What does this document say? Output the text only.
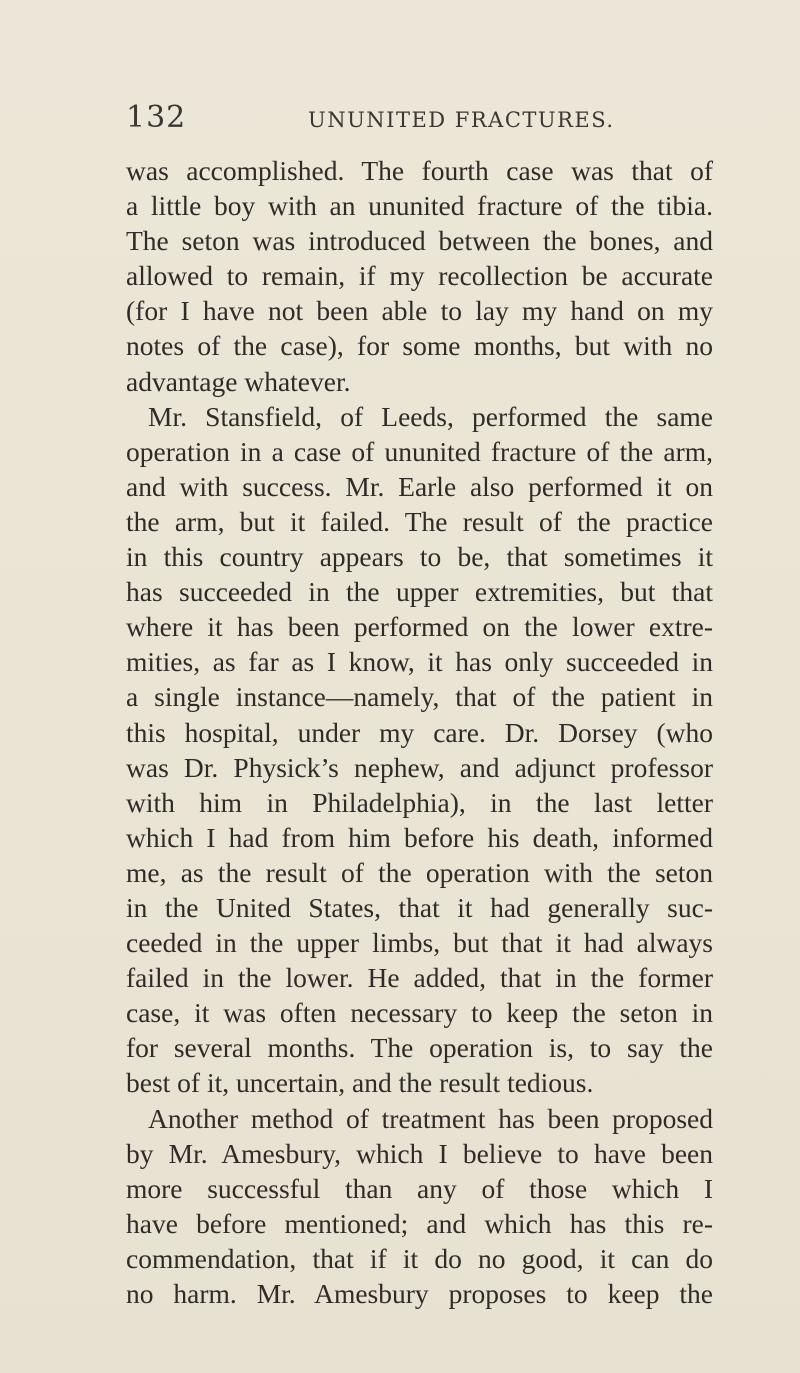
132	UNUNITED FRACTURES.
was accomplished. The fourth case was that of
a little boy with an ununited fracture of the tibia.
The seton was introduced between the bones, and
allowed to remain, if my recollection be accurate
(for I have not been able to lay my hand on my
notes of the case), for some months, but with no
advantage whatever.
Mr. Stansfield, of Leeds, performed the same
operation in a case of ununited fracture of the arm,
and with success. Mr. Earle also performed it on
the arm, but it failed. The result of the practice
in this country appears to be, that sometimes it
has succeeded in the upper extremities, but that
where it has been performed on the lower extre-
mities, as far as I know, it has only succeeded in
a single instance—namely, that of the patient in
this hospital, under my care. Dr. Dorsey (who
was Dr. Physick’s nephew, and adjunct professor
with him in Philadelphia), in the last letter
which I had from him before his death, informed
me, as the result of the operation with the seton
in the United States, that it had generally suc-
ceeded in the upper limbs, but that it had always
failed in the lower. He added, that in the former
case, it was often necessary to keep the seton in
for several months. The operation is, to say the
best of it, uncertain, and the result tedious.
Another method of treatment has been proposed
by Mr. Amesbury, which I believe to have been
more successful than any of those which I
have before mentioned; and which has this re-
commendation, that if it do no good, it can do
no harm. Mr. Amesbury proposes to keep the
